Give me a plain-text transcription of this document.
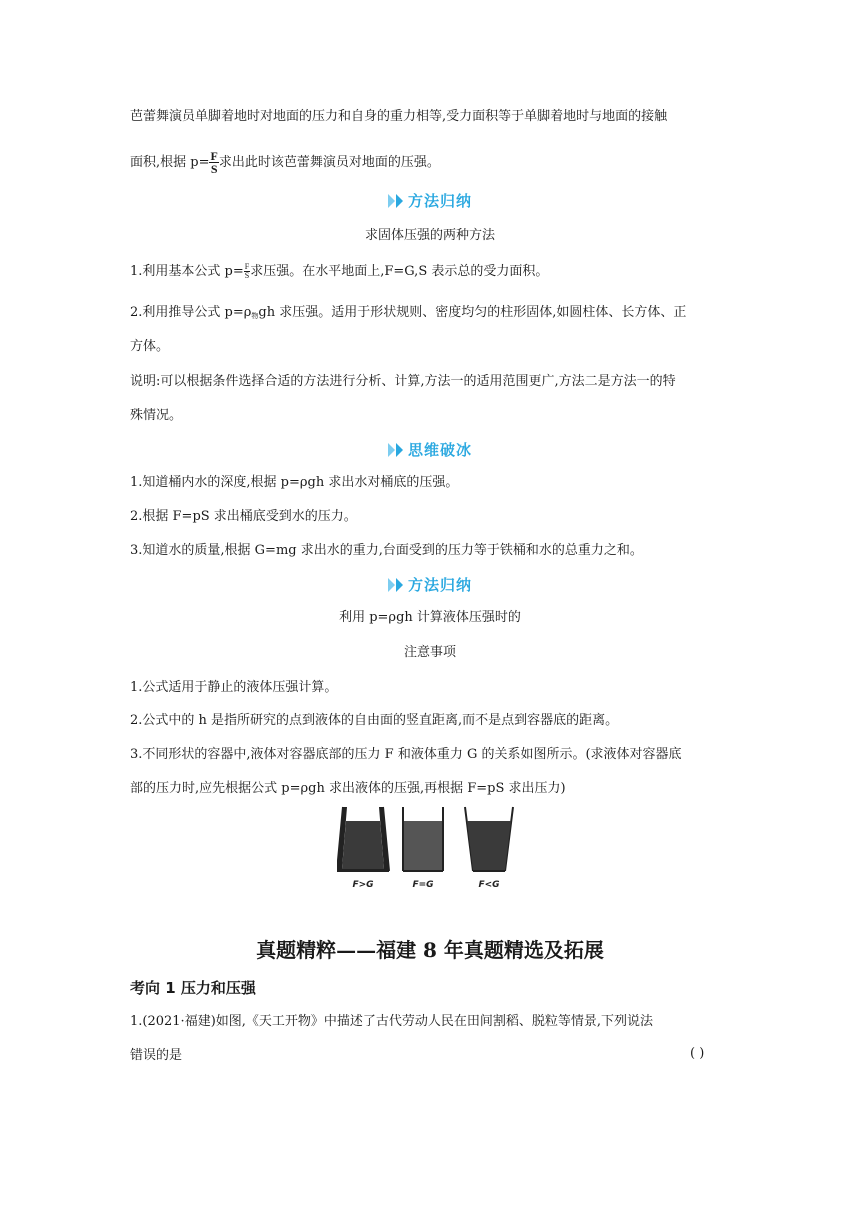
芭蕾舞演员单脚着地时对地面的压力和自身的重力相等,受力面积等于单脚着地时与地面的接触
面积,根据 $p= \frac{F}{S}$ 求出此时该芭蕾舞演员对地面的压强。
方法归纳
求固体压强的两种方法
1.利用基本公式 $p= \frac{F}{S}$ 求压强。在水平地面上,F=G,S 表示总的受力面积。
2.利用推导公式 $p=\rho_物gh$ 求压强。适用于形状规则、密度均匀的柱形固体,如圆柱体、长方体、正
方体。
说明:可以根据条件选择合适的方法进行分析、计算,方法一的适用范围更广,方法二是方法一的特
殊情况。
思维破冰
1.知道桶内水的深度,根据 p=ρgh 求出水对桶底的压强。
2.根据 F=pS 求出桶底受到水的压力。
3.知道水的质量,根据 G=mg 求出水的重力,台面受到的压力等于铁桶和水的总重力之和。
方法归纳
利用 p=ρgh 计算液体压强时的
注意事项
1.公式适用于静止的液体压强计算。
2.公式中的 h 是指所研究的点到液体的自由面的竖直距离,而不是点到容器底的距离。
3.不同形状的容器中,液体对容器底部的压力 F 和液体重力 G 的关系如图所示。(求液体对容器底
部的压力时,应先根据公式 p=ρgh 求出液体的压强,再根据 F=pS 求出压力)
F>G	F=G	F<G
真题精粹——福建 8 年真题精选及拓展
考向 1 压力和压强
1.(2021·福建)如图,《天工开物》中描述了古代劳动人民在田间割稻、脱粒等情景,下列说法
错误的是	( )
